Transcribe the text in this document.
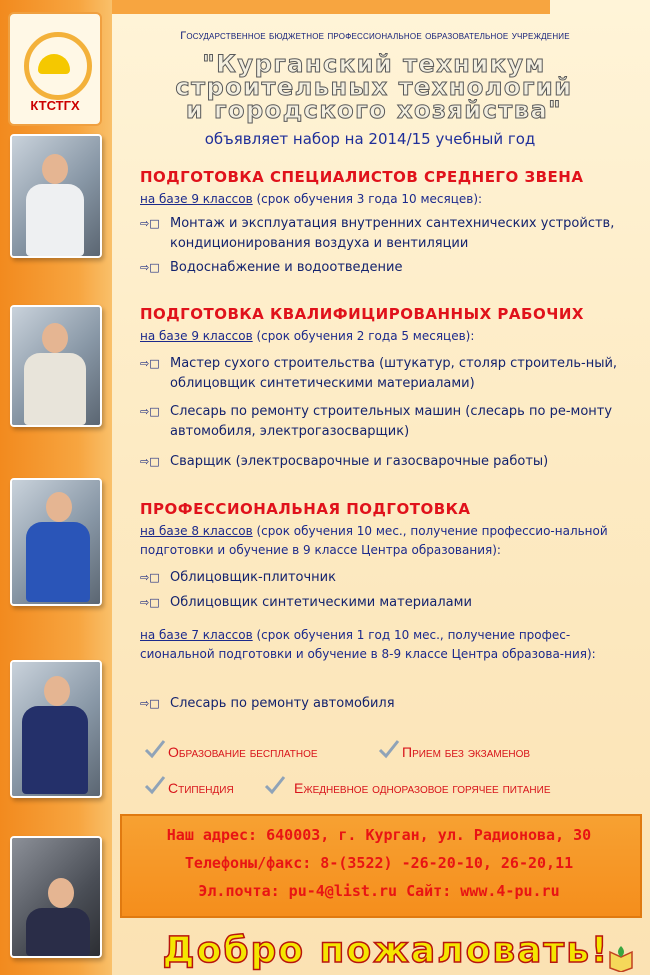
КТСТГХ
Государственное бюджетное профессиональное образовательное учреждение
"Курганский техникум
строительных технологий
и городского хозяйства"
объявляет набор на 2014/15 учебный год
ПОДГОТОВКА СПЕЦИАЛИСТОВ СРЕДНЕГО ЗВЕНА
на базе 9 классов (срок обучения 3 года 10 месяцев):
⇨□ Монтаж и эксплуатация внутренних сантехнических устройств, кондиционирования воздуха и вентиляции
⇨□ Водоснабжение и водоотведение
ПОДГОТОВКА КВАЛИФИЦИРОВАННЫХ РАБОЧИХ
на базе 9 классов (срок обучения 2 года 5 месяцев):
⇨□ Мастер сухого строительства (штукатур, столяр строитель-ный, облицовщик синтетическими материалами)
⇨□ Слесарь по ремонту строительных машин (слесарь по ре-монту автомобиля, электрогазосварщик)
⇨□ Сварщик (электросварочные и газосварочные работы)
ПРОФЕССИОНАЛЬНАЯ ПОДГОТОВКА
на базе 8 классов (срок обучения 10 мес., получение профессио-нальной подготовки и обучение в 9 классе Центра образования):
⇨□ Облицовщик-плиточник
⇨□ Облицовщик синтетическими материалами
на базе 7 классов (срок обучения 1 год 10 мес., получение профес-сиональной подготовки и обучение в 8-9 классе Центра образова-ния):
⇨□ Слесарь по ремонту автомобиля
Образование бесплатное	Прием без экзаменов
Стипендия	Ежедневное одноразовое горячее питание
Наш адрес: 640003, г. Курган, ул. Радионова, 30
Телефоны/факс: 8-(3522) -26-20-10, 26-20,11
Эл.почта: pu-4@list.ru Сайт: www.4-pu.ru
Добро пожаловать!
